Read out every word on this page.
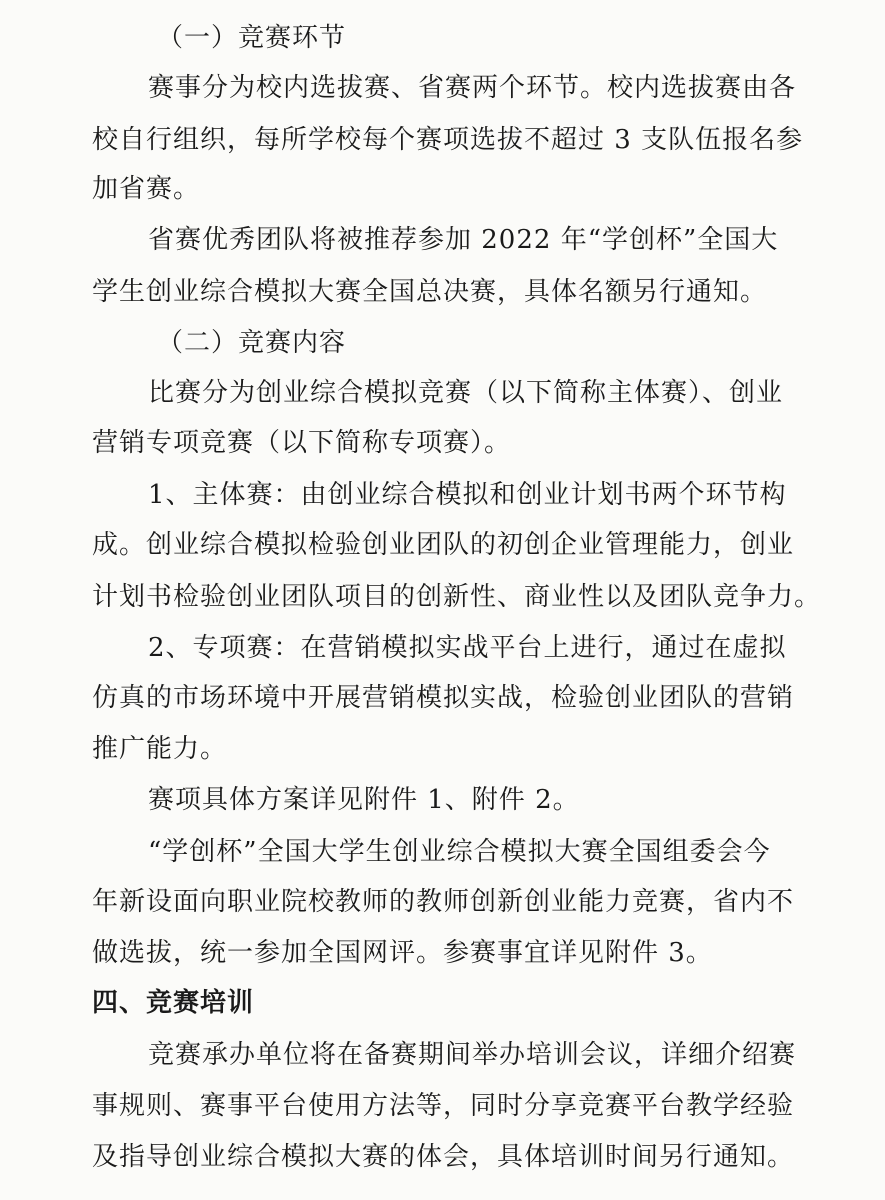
（一）竞赛环节
赛事分为校内选拔赛、省赛两个环节。校内选拔赛由各
校自行组织，每所学校每个赛项选拔不超过 3 支队伍报名参
加省赛。
省赛优秀团队将被推荐参加 2022 年“学创杯”全国大
学生创业综合模拟大赛全国总决赛，具体名额另行通知。
（二）竞赛内容
比赛分为创业综合模拟竞赛（以下简称主体赛）、创业
营销专项竞赛（以下简称专项赛）。
1、主体赛：由创业综合模拟和创业计划书两个环节构
成。创业综合模拟检验创业团队的初创企业管理能力，创业
计划书检验创业团队项目的创新性、商业性以及团队竞争力。
2、专项赛：在营销模拟实战平台上进行，通过在虚拟
仿真的市场环境中开展营销模拟实战，检验创业团队的营销
推广能力。
赛项具体方案详见附件 1、附件 2。
“学创杯”全国大学生创业综合模拟大赛全国组委会今
年新设面向职业院校教师的教师创新创业能力竞赛，省内不
做选拔，统一参加全国网评。参赛事宜详见附件 3。
四、竞赛培训
竞赛承办单位将在备赛期间举办培训会议，详细介绍赛
事规则、赛事平台使用方法等，同时分享竞赛平台教学经验
及指导创业综合模拟大赛的体会，具体培训时间另行通知。
